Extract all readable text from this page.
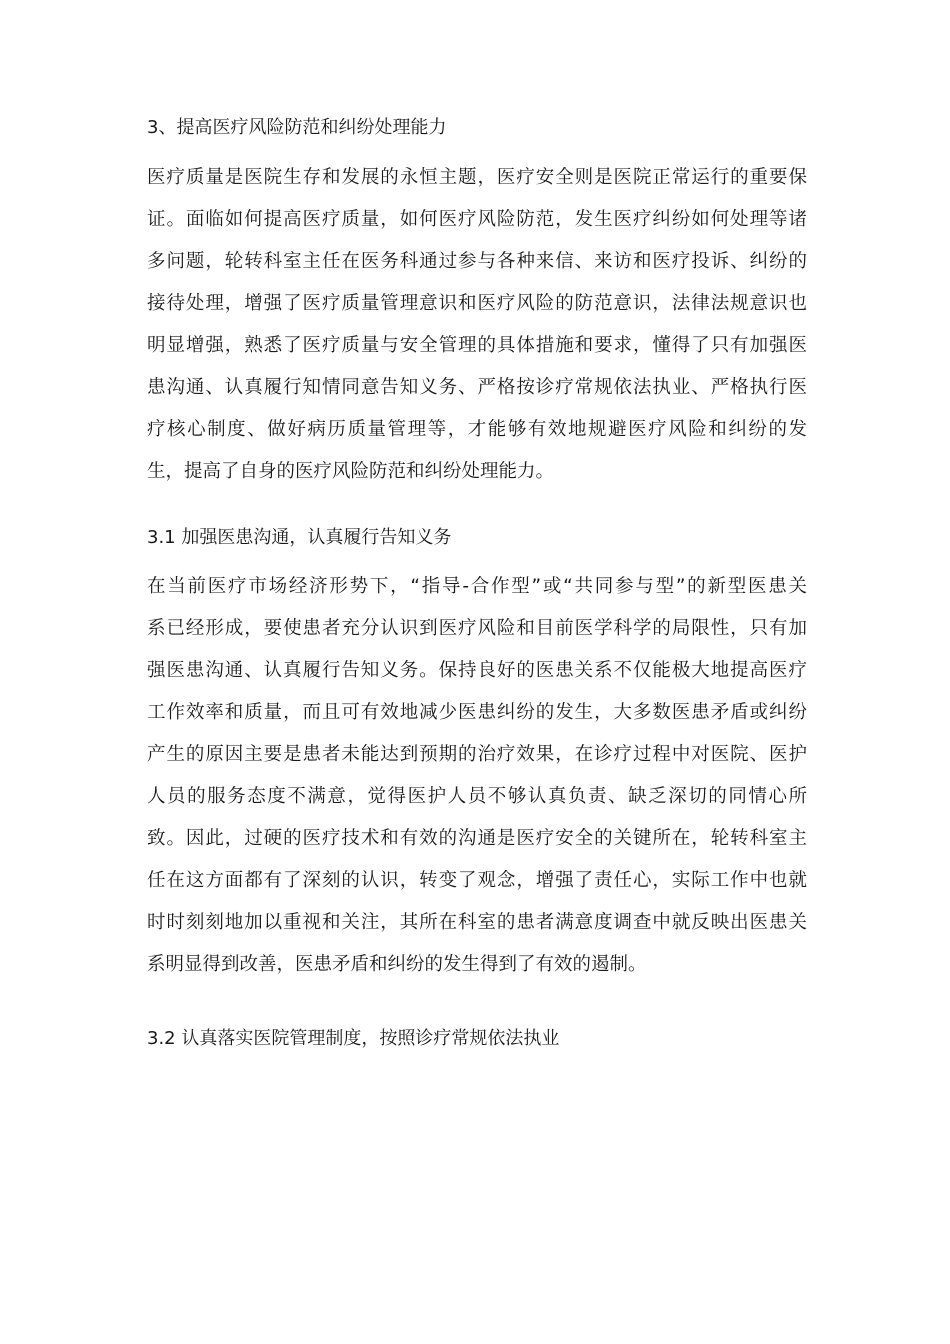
3、提高医疗风险防范和纠纷处理能力
医疗质量是医院生存和发展的永恒主题，医疗安全则是医院正常运行的重要保
证。面临如何提高医疗质量，如何医疗风险防范，发生医疗纠纷如何处理等诸
多问题，轮转科室主任在医务科通过参与各种来信、来访和医疗投诉、纠纷的
接待处理，增强了医疗质量管理意识和医疗风险的防范意识，法律法规意识也
明显增强，熟悉了医疗质量与安全管理的具体措施和要求，懂得了只有加强医
患沟通、认真履行知情同意告知义务、严格按诊疗常规依法执业、严格执行医
疗核心制度、做好病历质量管理等，才能够有效地规避医疗风险和纠纷的发
生，提高了自身的医疗风险防范和纠纷处理能力。
3.1 加强医患沟通，认真履行告知义务
在当前医疗市场经济形势下，“指导-合作型”或“共同参与型”的新型医患关
系已经形成，要使患者充分认识到医疗风险和目前医学科学的局限性，只有加
强医患沟通、认真履行告知义务。保持良好的医患关系不仅能极大地提高医疗
工作效率和质量，而且可有效地减少医患纠纷的发生，大多数医患矛盾或纠纷
产生的原因主要是患者未能达到预期的治疗效果，在诊疗过程中对医院、医护
人员的服务态度不满意，觉得医护人员不够认真负责、缺乏深切的同情心所
致。因此，过硬的医疗技术和有效的沟通是医疗安全的关键所在，轮转科室主
任在这方面都有了深刻的认识，转变了观念，增强了责任心，实际工作中也就
时时刻刻地加以重视和关注，其所在科室的患者满意度调查中就反映出医患关
系明显得到改善，医患矛盾和纠纷的发生得到了有效的遏制。
3.2 认真落实医院管理制度，按照诊疗常规依法执业
